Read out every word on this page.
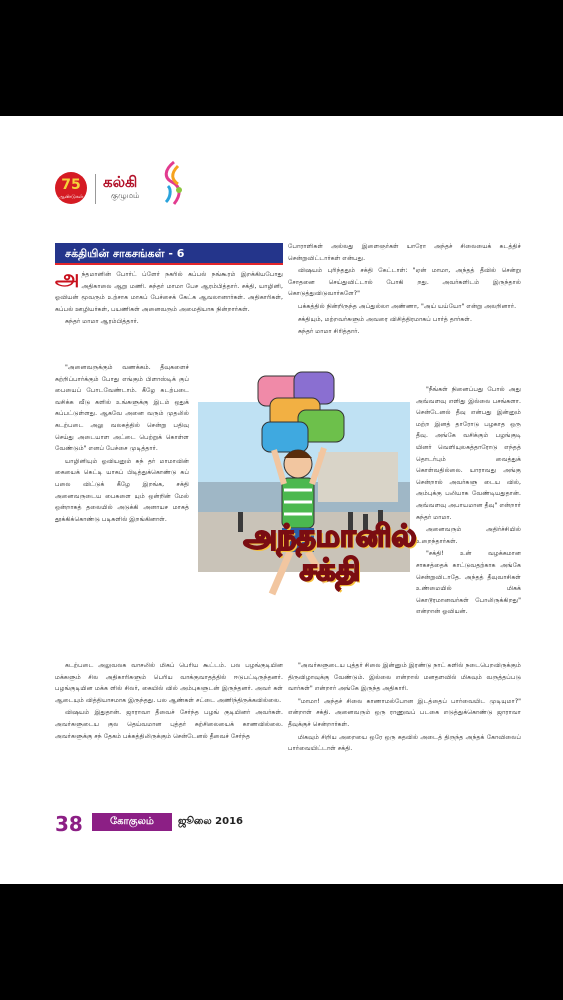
75
ஆண்டுகள்
கல்கி
குழுமம்
சக்தியின் சாகசங்கள் - 6

அந்தமானின் போர்ட் ப்ளேர் நகரில் கப்பல் நங்கூரம் இறக்கியபோது அதிகாலை ஆறு மணி. சுந்தர் மாமா பேச ஆரம்பித்தார். சக்தி, யாழினி, ஓவியன் மூவரும் உற்சாக மாகப் பேச்சைக் கேட்க ஆவலானார்கள். அதிகாரிகள், கப்பல் ஊழியர்கள், பயணிகள் அனைவரும் அமைதியாக நின்றார்கள்.

சுந்தர் மாமா ஆரம்பித்தார்.

"அனைவருக்கும் வணக்கம். தீவுகளைச் சுற்றிப்பார்க்கும் போது எங்கும் பிளாஸ்டிக் குப் பையைப் போடவேண்டாம். கீழே கடற்படை வசிக்க வீடு களில் உங்களுக்கு இடம் ஒதுக் கப்பட்டுள்ளது. ஆகவே அனை வரும் முதலில் கடற்படை அலு வலகத்தில் சென்று பதிவு செய்து அடையாள அட்டை பெற்றுக் கொள்ள வேண்டும்" எனப் பேச்சை முடித்தார்.

யாழினியும் ஓவியனும் சுந் தர் மாமாவின் கையைக் கெட்டி யாகப் பிடித்துக்கொண்டு கப் பலை விட்டுக் கீழே இறங்க, சக்தி அனைவருடைய பைகளை யும் ஒன்றின் மேல் ஒன்றாகத் தலையில் அடுக்கி அனாயச மாகத் தூக்கிக்கொண்டு படிகளில் இறங்கினாள்.

கடற்படை அலுவலக வாசலில் மிகப் பெரிய கூட்டம். பல பழங்குடியின மக்களும் சில அதிகாரிகளும் பெரிய வாக்குவாதத்தில் ஈடுபட்டிருந்தனர். பழங்குடியின மக்க ளில் சிலர், கையில் வில் அம்புகளுடன் இருந்தனர். அவர் கள் ஆடையும் வித்தியாசமாக இருந்தது. பல ஆண்கள் சட்டை அணிந்திருக்கவில்லை.

விஷயம் இதுதான். ஜாராவா தீவைச் சேர்ந்த பழங் குடியினர் அவர்கள். அவர்களுடைய குல தெய்வமான புத்தர் சுற்சிலையைக் காணவில்லை. அவர்களுக்கு சந் தேகம் பக்கத்திலிருக்கும் சென்டேனல் தீவைச் சேர்ந்த

போராளிகள் அல்லது இளைஞர்கள் யாரோ அந்தச் சிலையைக் கடத்திச் சென்றுவிட்டார்கள் என்பது.

விஷயம் புரிந்ததும் சக்தி கேட்டாள்: "ஏன் மாமா, அந்தத் தீவில் சென்று சோதனை செய்துவிட்டால் போகி றது. அவர்களிடம் இருந்தால் கொடுத்துவிடுவார்களே?"

பக்கத்தில் நின்றிருந்த அப்துல்லா அண்ணா, "அய் யய்யோ" என்று அலறினார்.

சக்தியும், மற்றவர்களும் அவரை விசித்திரமாகப் பார்த் தார்கள்.

சுந்தர் மாமா சிரித்தார்.

"நீங்கள் நினைப்பது போல் அது அவ்வளவு எளிது இல்லை பசங்களா. சென்டேனல் தீவு என்பது இன்னும் மற்ற இனத் தாரோடு பழகாத ஒரு தீவு. அங்கே வசிக்கும் பழங்குடி யினர் வெளியுலகத்தாரோடு எந்தத் தொடர்பும் வைத்துக் கொள்வதில்லை. யாராவது அங்கு சென்றால் அவர்களு டைய வில், அம்புக்கு பலியாக வேண்டியதுதான். அவ்வளவு அபாயமான தீவு" என்றார் சுந்தர் மாமா.

அனைவரும் அதிர்ச்சியில் உறைந்தார்கள்.

"சக்தி! உன் வழக்கமான சாகசத்தைக் காட்டுவதற்காக அங்கே சென்றுவிடாதே. அந்தத் தீவுவாசிகள் உண்மையில் மிகக் கொடூரமானவர்கள் போலிருக்கிறது" என்றான் ஓவியன்.

"அவர்களுடைய புத்தர் சிலை இன்னும் இரண்டு நாட் களில் நடைபெறவிருக்கும் திருவிழாவுக்கு வேண்டும். இல்லை என்றால் மனதளவில் மிகவும் வருத்தப்படு வார்கள்" என்றார் அங்கே இருந்த அதிகாரி.

"மாமா! அந்தச் சிலை காணாமல்போன இடத்தைப் பார்வையிட முடியுமா?" என்றாள் சக்தி. அனைவரும் ஒரு ராணுவப் படகை எடுத்துக்கொண்டு ஜாராவா தீவுக்குச் சென்றார்கள்.

மிகவும் சிறிய அறையை ஒரே ஒரு கதவில் அடைத் திருந்த அந்தக் கோவிலைப் பார்வையிட்டாள் சக்தி.

அந்தமானில்
சக்தி
38	கோகுலம்	ஜூலை 2016
